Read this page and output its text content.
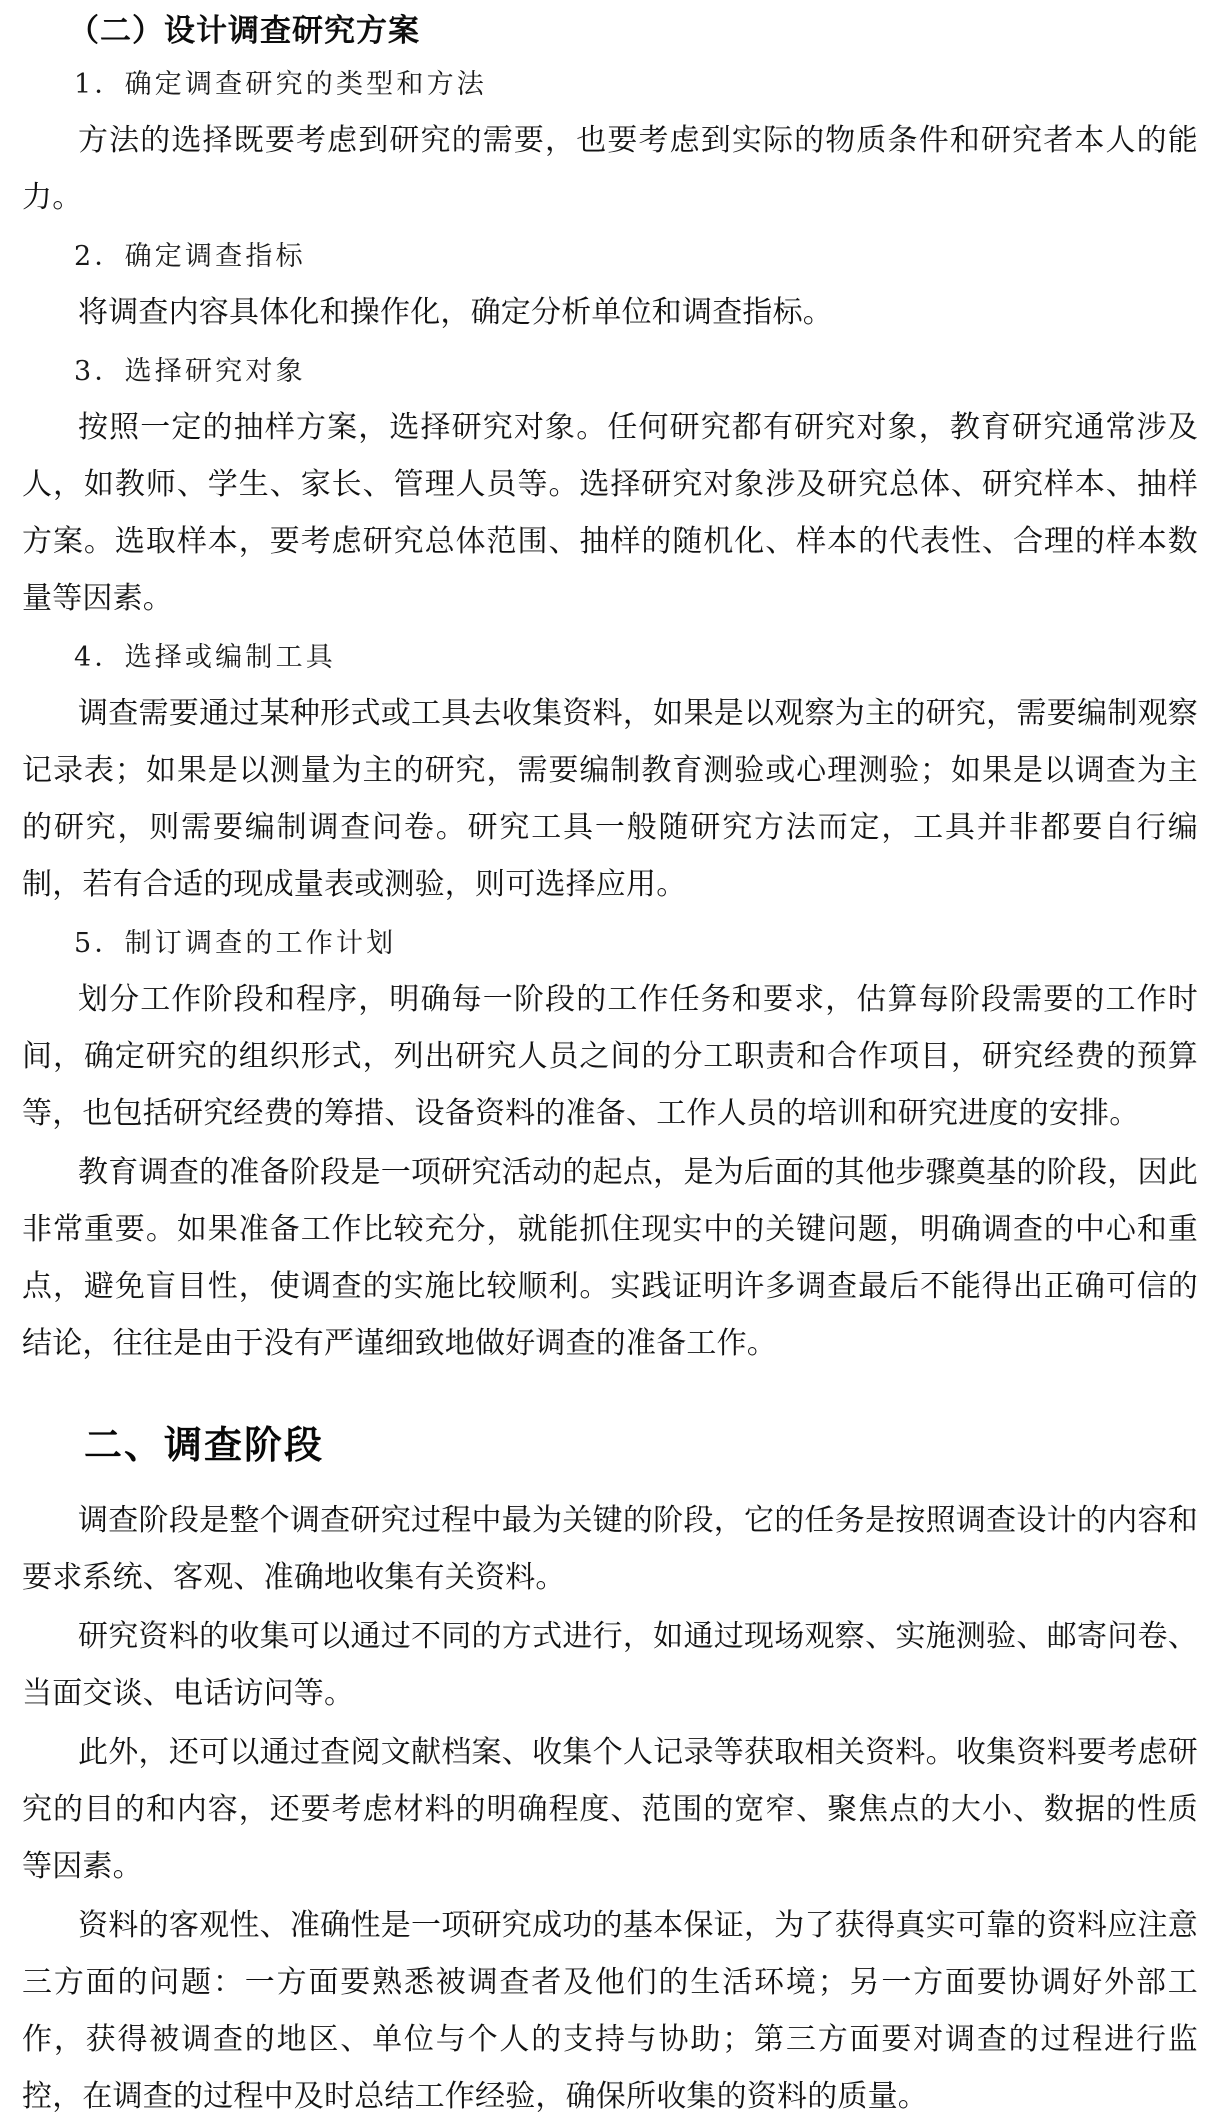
（二）设计调查研究方案
1．确定调查研究的类型和方法

方法的选择既要考虑到研究的需要，也要考虑到实际的物质条件和研究者本人的能力。

2．确定调查指标

将调查内容具体化和操作化，确定分析单位和调查指标。

3．选择研究对象

按照一定的抽样方案，选择研究对象。任何研究都有研究对象，教育研究通常涉及人，如教师、学生、家长、管理人员等。选择研究对象涉及研究总体、研究样本、抽样方案。选取样本，要考虑研究总体范围、抽样的随机化、样本的代表性、合理的样本数量等因素。

4．选择或编制工具

调查需要通过某种形式或工具去收集资料，如果是以观察为主的研究，需要编制观察记录表；如果是以测量为主的研究，需要编制教育测验或心理测验；如果是以调查为主的研究，则需要编制调查问卷。研究工具一般随研究方法而定，工具并非都要自行编制，若有合适的现成量表或测验，则可选择应用。

5．制订调查的工作计划

划分工作阶段和程序，明确每一阶段的工作任务和要求，估算每阶段需要的工作时间，确定研究的组织形式，列出研究人员之间的分工职责和合作项目，研究经费的预算等，也包括研究经费的筹措、设备资料的准备、工作人员的培训和研究进度的安排。

教育调查的准备阶段是一项研究活动的起点，是为后面的其他步骤奠基的阶段，因此非常重要。如果准备工作比较充分，就能抓住现实中的关键问题，明确调查的中心和重点，避免盲目性，使调查的实施比较顺利。实践证明许多调查最后不能得出正确可信的结论，往往是由于没有严谨细致地做好调查的准备工作。

二、调查阶段

调查阶段是整个调查研究过程中最为关键的阶段，它的任务是按照调查设计的内容和要求系统、客观、准确地收集有关资料。

研究资料的收集可以通过不同的方式进行，如通过现场观察、实施测验、邮寄问卷、当面交谈、电话访问等。

此外，还可以通过查阅文献档案、收集个人记录等获取相关资料。收集资料要考虑研究的目的和内容，还要考虑材料的明确程度、范围的宽窄、聚焦点的大小、数据的性质等因素。

资料的客观性、准确性是一项研究成功的基本保证，为了获得真实可靠的资料应注意三方面的问题：一方面要熟悉被调查者及他们的生活环境；另一方面要协调好外部工作，获得被调查的地区、单位与个人的支持与协助；第三方面要对调查的过程进行监控，在调查的过程中及时总结工作经验，确保所收集的资料的质量。
